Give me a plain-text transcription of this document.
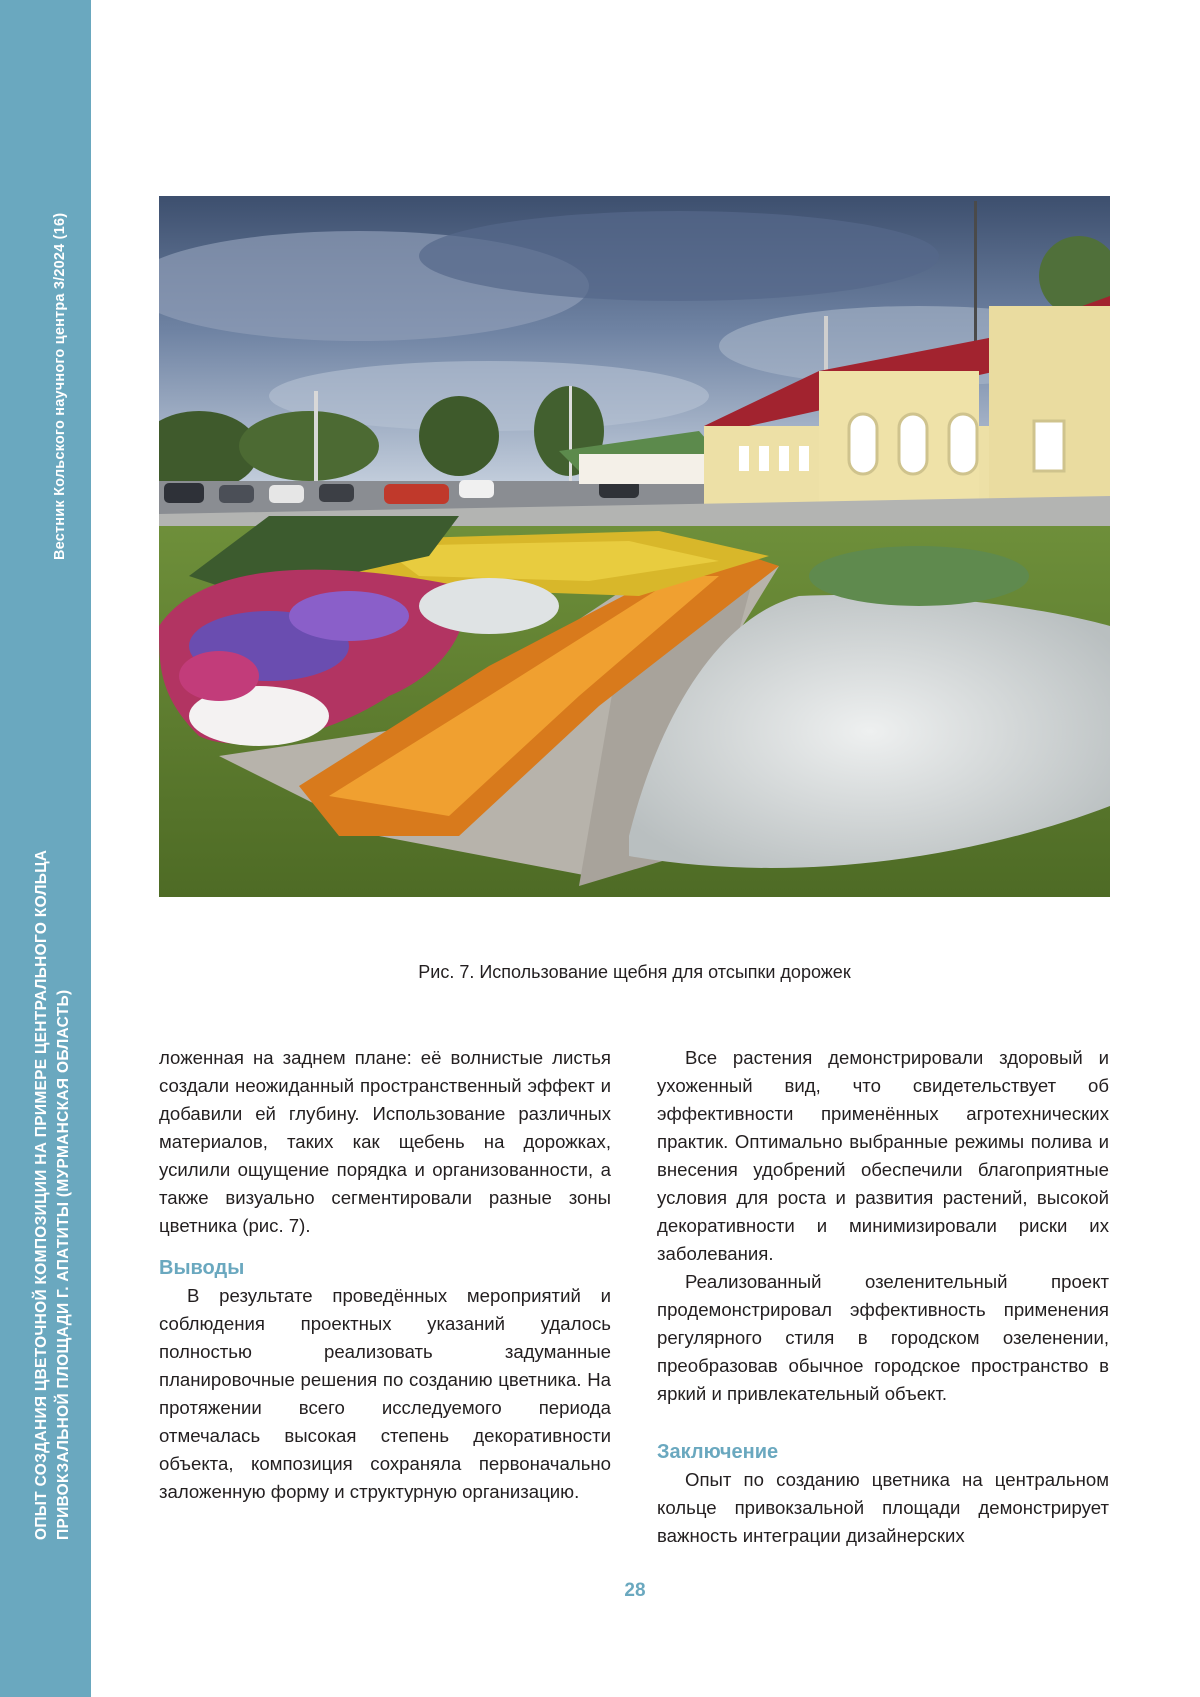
Вестник Кольского научного центра 3/2024 (16)
ОПЫТ СОЗДАНИЯ ЦВЕТОЧНОЙ КОМПОЗИЦИИ НА ПРИМЕРЕ ЦЕНТРАЛЬНОГО КОЛЬЦА ПРИВОКЗАЛЬНОЙ ПЛОЩАДИ Г. АПАТИТЫ (МУРМАНСКАЯ ОБЛАСТЬ)
Рис. 7. Использование щебня для отсыпки дорожек

ложенная на заднем плане: её волнистые листья создали неожиданный пространственный эффект и добавили ей глубину. Использование различных материалов, таких как щебень на дорожках, усилили ощущение порядка и организованности, а также визуально сегментировали разные зоны цветника (рис. 7).

Выводы

В результате проведённых мероприятий и соблюдения проектных указаний удалось полностью реализовать задуманные планировочные решения по созданию цветника. На протяжении всего исследуемого периода отмечалась высокая степень декоративности объекта, композиция сохраняла первоначально заложенную форму и структурную организацию.

Все растения демонстрировали здоровый и ухоженный вид, что свидетельствует об эффективности применённых агротехнических практик. Оптимально выбранные режимы полива и внесения удобрений обеспечили благоприятные условия для роста и развития растений, высокой декоративности и минимизировали риски их заболевания.

Реализованный озеленительный проект продемонстрировал эффективность применения регулярного стиля в городском озеленении, преобразовав обычное городское пространство в яркий и привлекательный объект.

Заключение

Опыт по созданию цветника на центральном кольце привокзальной площади демонстрирует важность интеграции дизайнерских

28
